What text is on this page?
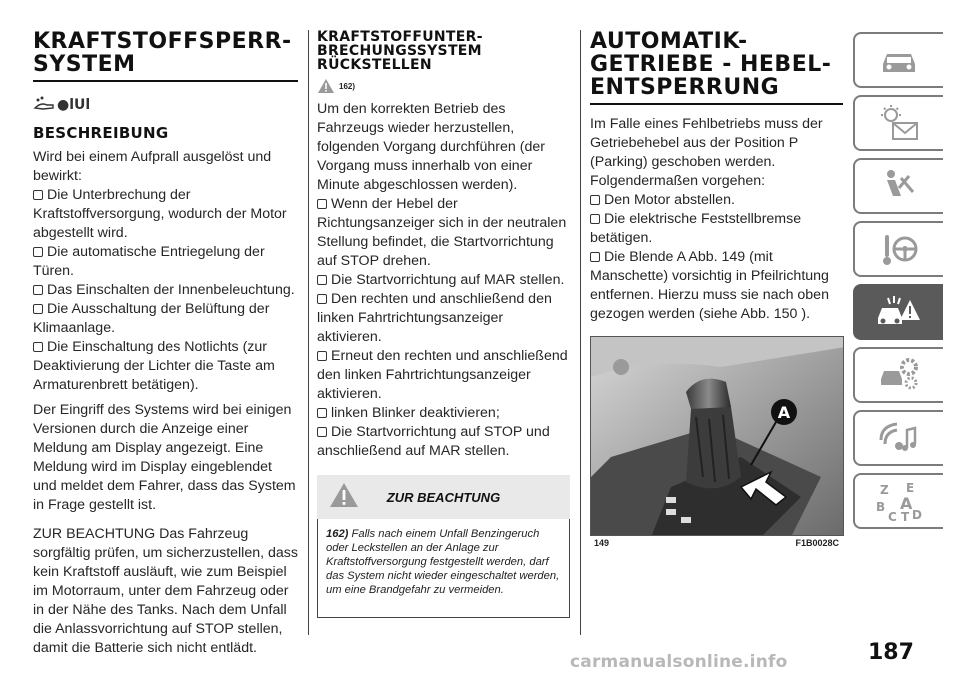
KRAFTSTOFFSPERR-
SYSTEM
●lUl
BESCHREIBUNG
Wird bei einem Aufprall ausgelöst und bewirkt:
Die Unterbrechung der Kraftstoffversorgung, wodurch der Motor abgestellt wird.
Die automatische Entriegelung der Türen.
Das Einschalten der Innenbeleuchtung.
Die Ausschaltung der Belüftung der Klimaanlage.
Die Einschaltung des Notlichts (zur Deaktivierung der Lichter die Taste am Armaturenbrett betätigen).
Der Eingriff des Systems wird bei einigen Versionen durch die Anzeige einer Meldung am Display angezeigt. Eine Meldung wird im Display eingeblendet und meldet dem Fahrer, dass das System in Frage gestellt ist.
ZUR BEACHTUNG Das Fahrzeug sorgfältig prüfen, um sicherzustellen, dass kein Kraftstoff ausläuft, wie zum Beispiel im Motorraum, unter dem Fahrzeug oder in der Nähe des Tanks. Nach dem Unfall die Anlassvorrichtung auf STOP stellen, damit die Batterie sich nicht entlädt.
KRAFTSTOFFUNTER-
BRECHUNGSSYSTEM
RÜCKSTELLEN
162)
Um den korrekten Betrieb des Fahrzeugs wieder herzustellen, folgenden Vorgang durchführen (der Vorgang muss innerhalb von einer Minute abgeschlossen werden).
Wenn der Hebel der Richtungsanzeiger sich in der neutralen Stellung befindet, die Startvorrichtung auf STOP drehen.
Die Startvorrichtung auf MAR stellen.
Den rechten und anschließend den linken Fahrtrichtungsanzeiger aktivieren.
Erneut den rechten und anschließend den linken Fahrtrichtungsanzeiger aktivieren.
linken Blinker deaktivieren;
Die Startvorrichtung auf STOP und anschließend auf MAR stellen.
ZUR BEACHTUNG
162) Falls nach einem Unfall Benzingeruch oder Leckstellen an der Anlage zur Kraftstoffversorgung festgestellt werden, darf das System nicht wieder eingeschaltet werden, um eine Brandgefahr zu vermeiden.
AUTOMATIK-
GETRIEBE - HEBEL-
ENTSPERRUNG
Im Falle eines Fehlbetriebs muss der Getriebehebel aus der Position P (Parking) geschoben werden. Folgendermaßen vorgehen:
Den Motor abstellen.
Die elektrische Feststellbremse betätigen.
Die Blende A Abb. 149 (mit Manschette) vorsichtig in Pfeilrichtung entfernen. Hierzu muss sie nach oben gezogen werden (siehe Abb. 150 ).
A
149	F1B0028C
Z E
B A
C D
T
187
carmanualsonline.info
